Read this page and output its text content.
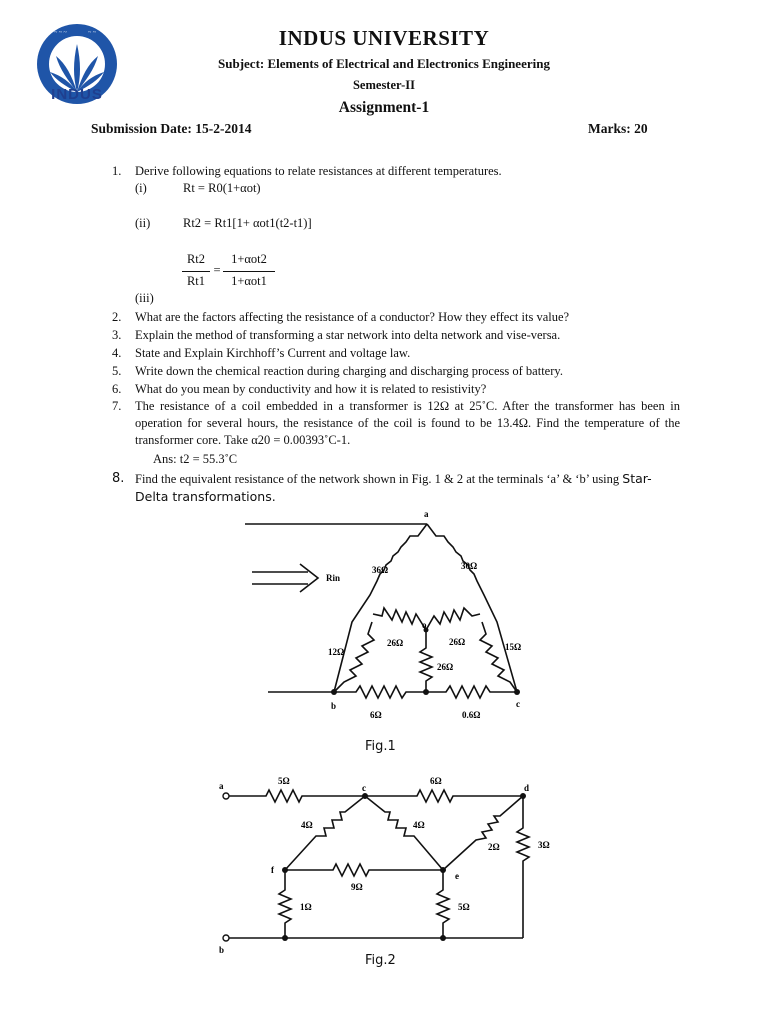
~ ~ ~	~ ~
INDUS
INDUS UNIVERSITY
Subject: Elements of Electrical and Electronics Engineering
Semester-II
Assignment-1
Submission Date: 15-2-2014	Marks: 20
1. Derive following equations to relate resistances at different temperatures.
(i)	Rt = R0(1+αot)
(ii)	Rt2 = Rt1[1+ αot1(t2-t1)]
Rt2
Rt1
=
1+αot2
1+αot1
(iii)
2. What are the factors affecting the resistance of a conductor? How they effect its value?
3. Explain the method of transforming a star network into delta network and vise-versa.
4. State and Explain Kirchhoff’s Current and voltage law.
5. Write down the chemical reaction during charging and discharging process of battery.
6. What do you mean by conductivity and how it is related to resistivity?
7. The resistance of a coil embedded in a transformer is 12Ω at 25˚C. After the transformer has been in operation for several hours, the resistance of the coil is found to be 13.4Ω. Find the temperature of the transformer core. Take α20 = 0.00393˚C-1.
Ans: t2 = 55.3˚C
8. Find the equivalent resistance of the network shown in Fig. 1 & 2 at the terminals ‘a’ & ‘b’ using Star-Delta transformations.
Rin
a
b	c
o
36Ω	30Ω
12Ω	15Ω
26Ω	26Ω
26Ω
6Ω	0.6Ω
Fig.1
a
b
c	d
e
f
5Ω	6Ω
4Ω	4Ω
9Ω
2Ω	3Ω
1Ω	5Ω
Fig.2
